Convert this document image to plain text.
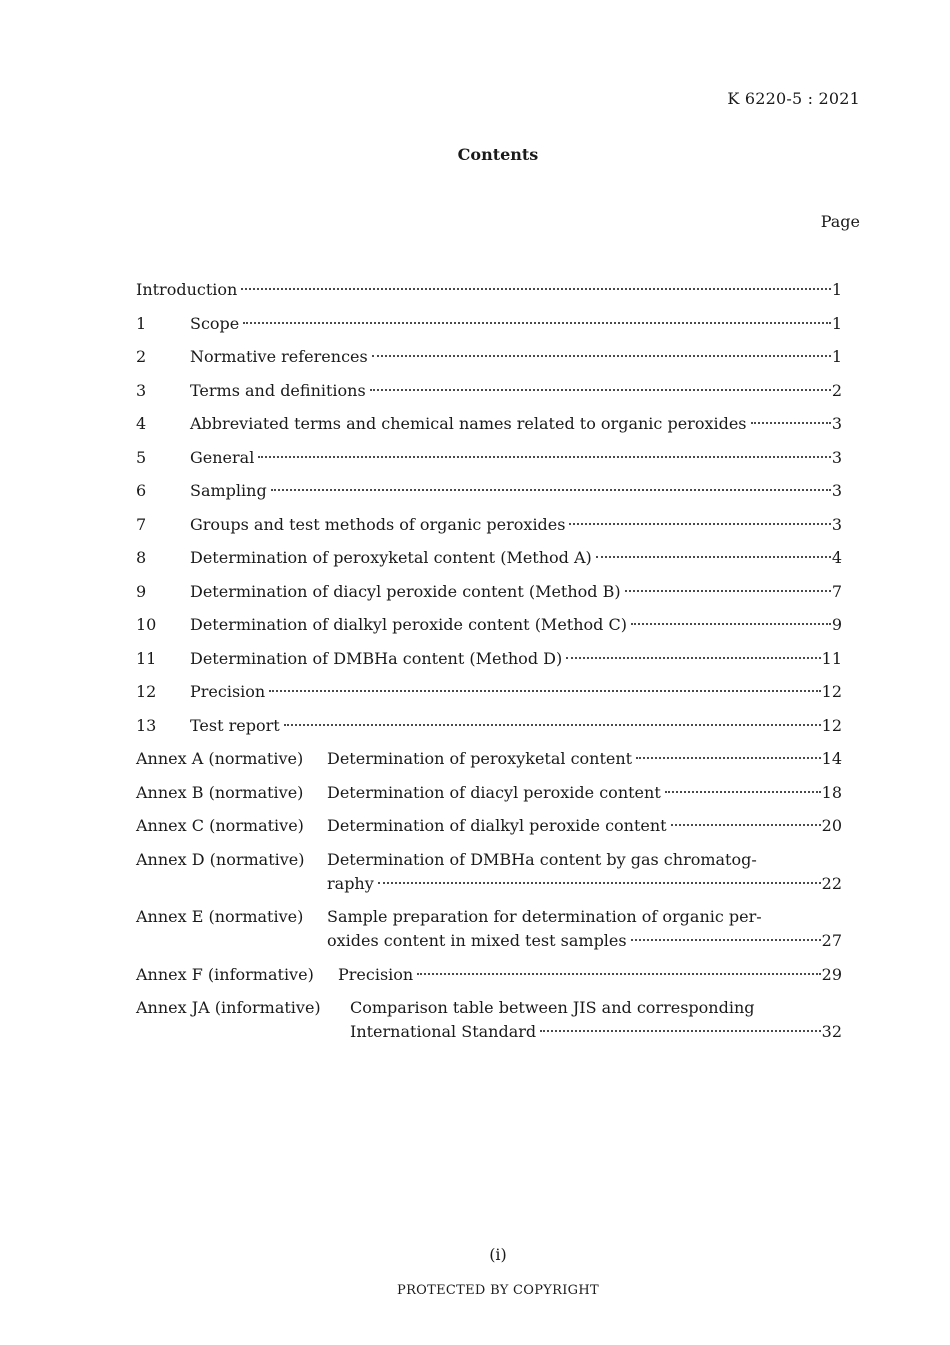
K 6220-5 : 2021
Contents
Page
Introduction	1
1	Scope	1
2	Normative references	1
3	Terms and definitions	2
4	Abbreviated terms and chemical names related to organic peroxides	3
5	General	3
6	Sampling	3
7	Groups and test methods of organic peroxides	3
8	Determination of peroxyketal content (Method A)	4
9	Determination of diacyl peroxide content (Method B)	7
10	Determination of dialkyl peroxide content (Method C)	9
11	Determination of DMBHa content (Method D)	11
12	Precision	12
13	Test report	12
Annex A (normative)	Determination of peroxyketal content	14
Annex B (normative)	Determination of diacyl peroxide content	18
Annex C (normative)	Determination of dialkyl peroxide content	20
Annex D (normative)	Determination of DMBHa content by gas chromatog-
raphy	22
Annex E (normative)	Sample preparation for determination of organic per-
oxides content in mixed test samples	27
Annex F (informative)	Precision	29
Annex JA (informative)	Comparison table between JIS and corresponding
International Standard	32
(i)
PROTECTED BY COPYRIGHT
